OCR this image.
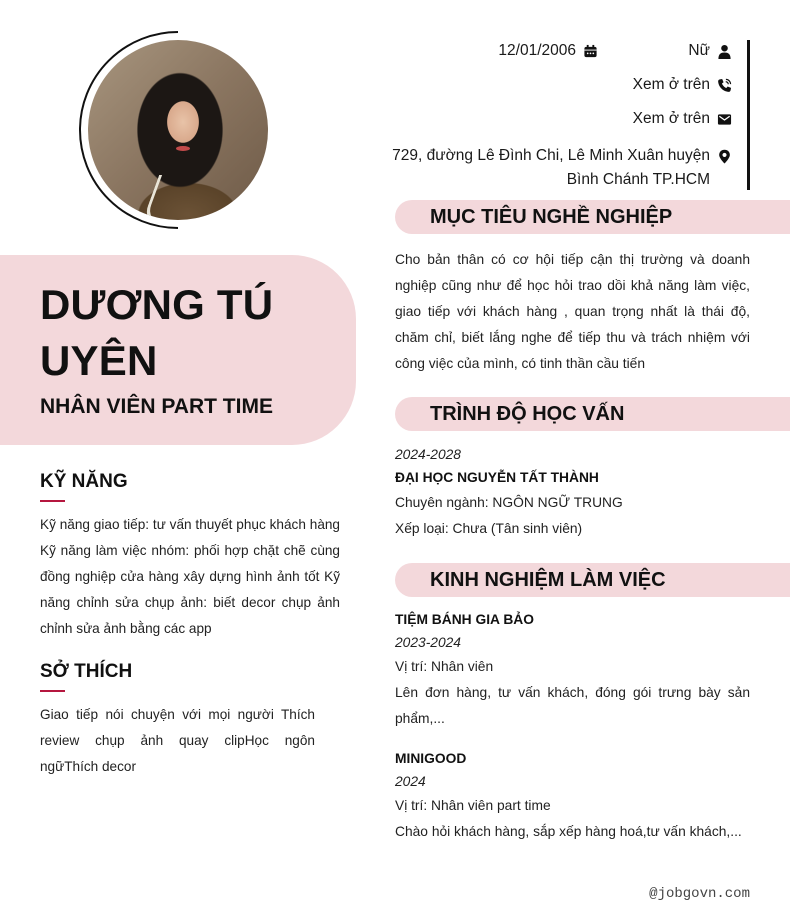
DƯƠNG TÚ UYÊN
NHÂN VIÊN PART TIME
KỸ NĂNG

Kỹ năng giao tiếp: tư vấn thuyết phục khách hàng Kỹ năng làm việc nhóm: phối hợp chặt chẽ cùng đồng nghiệp cửa hàng xây dựng hình ảnh tốt Kỹ năng chỉnh sửa chụp ảnh: biết decor chụp ảnh chỉnh sửa ảnh bằng các app

SỞ THÍCH

Giao tiếp nói chuyện với mọi người Thích review chụp ảnh quay clipHọc ngôn ngữThích decor

12/01/2006	Nữ
Xem ở trên
Xem ở trên
729, đường Lê Đình Chi, Lê Minh Xuân huyện
Bình Chánh TP.HCM
MỤC TIÊU NGHỀ NGHIỆP

Cho bản thân có cơ hội tiếp cận thị trường và doanh nghiệp cũng như để học hỏi trao dồi khả năng làm việc, giao tiếp với khách hàng , quan trọng nhất là thái độ, chăm chỉ, biết lắng nghe để tiếp thu và trách nhiệm với công việc của mình, có tinh thần cầu tiến

TRÌNH ĐỘ HỌC VẤN

2024-2028

ĐẠI HỌC NGUYỄN TẤT THÀNH

Chuyên ngành: NGÔN NGỮ TRUNG

Xếp loại: Chưa (Tân sinh viên)

KINH NGHIỆM LÀM VIỆC

TIỆM BÁNH GIA BẢO

2023-2024

Vị trí: Nhân viên

Lên đơn hàng, tư vấn khách, đóng gói trưng bày sản phẩm,...

MINIGOOD

2024

Vị trí: Nhân viên part time

Chào hỏi khách hàng, sắp xếp hàng hoá,tư vấn khách,...

@jobgovn.com
